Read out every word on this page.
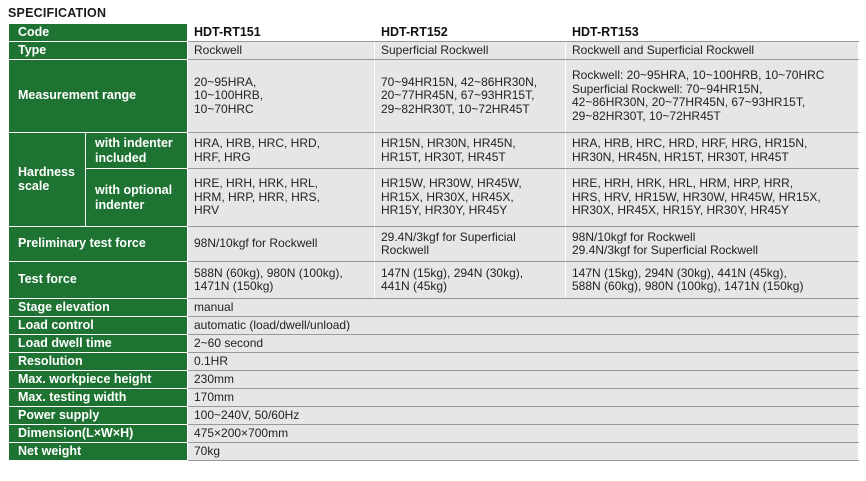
SPECIFICATION
Code		HDT-RT151	HDT-RT152	HDT-RT153
Type		Rockwell	Superficial Rockwell	Rockwell and Superficial Rockwell
Measurement range		20~95HRA,
10~100HRB,
10~70HRC	70~94HR15N, 42~86HR30N,
20~77HR45N, 67~93HR15T,
29~82HR30T, 10~72HR45T	Rockwell: 20~95HRA, 10~100HRB, 10~70HRC
Superficial Rockwell: 70~94HR15N,
42~86HR30N, 20~77HR45N, 67~93HR15T,
29~82HR30T, 10~72HR45T

Hardness scale	with indenter included	HRA, HRB, HRC, HRD,
HRF, HRG	HR15N, HR30N, HR45N,
HR15T, HR30T, HR45T	HRA, HRB, HRC, HRD, HRF, HRG, HR15N,
HR30N, HR45N, HR15T, HR30T, HR45T

	with optional indenter	HRE, HRH, HRK, HRL,
HRM, HRP, HRR, HRS,
HRV	HR15W, HR30W, HR45W,
HR15X, HR30X, HR45X,
HR15Y, HR30Y, HR45Y	HRE, HRH, HRK, HRL, HRM, HRP, HRR,
HRS, HRV, HR15W, HR30W, HR45W, HR15X,
HR30X, HR45X, HR15Y, HR30Y, HR45Y

Preliminary test force		98N/10kgf for Rockwell	29.4N/3kgf for Superficial
Rockwell	98N/10kgf for Rockwell
29.4N/3kgf for Superficial Rockwell

Test force		588N (60kg), 980N (100kg),
1471N (150kg)	147N (15kg), 294N (30kg),
441N (45kg)	147N (15kg), 294N (30kg), 441N (45kg),
588N (60kg), 980N (100kg), 1471N (150kg)

Stage elevation		manual		
Load control		automatic (load/dwell/unload)		
Load dwell time		2~60 second		
Resolution		0.1HR		
Max. workpiece height		230mm		
Max. testing width		170mm		
Power supply		100~240V, 50/60Hz		
Dimension(L×W×H)		475×200×700mm		
Net weight		70kg		
